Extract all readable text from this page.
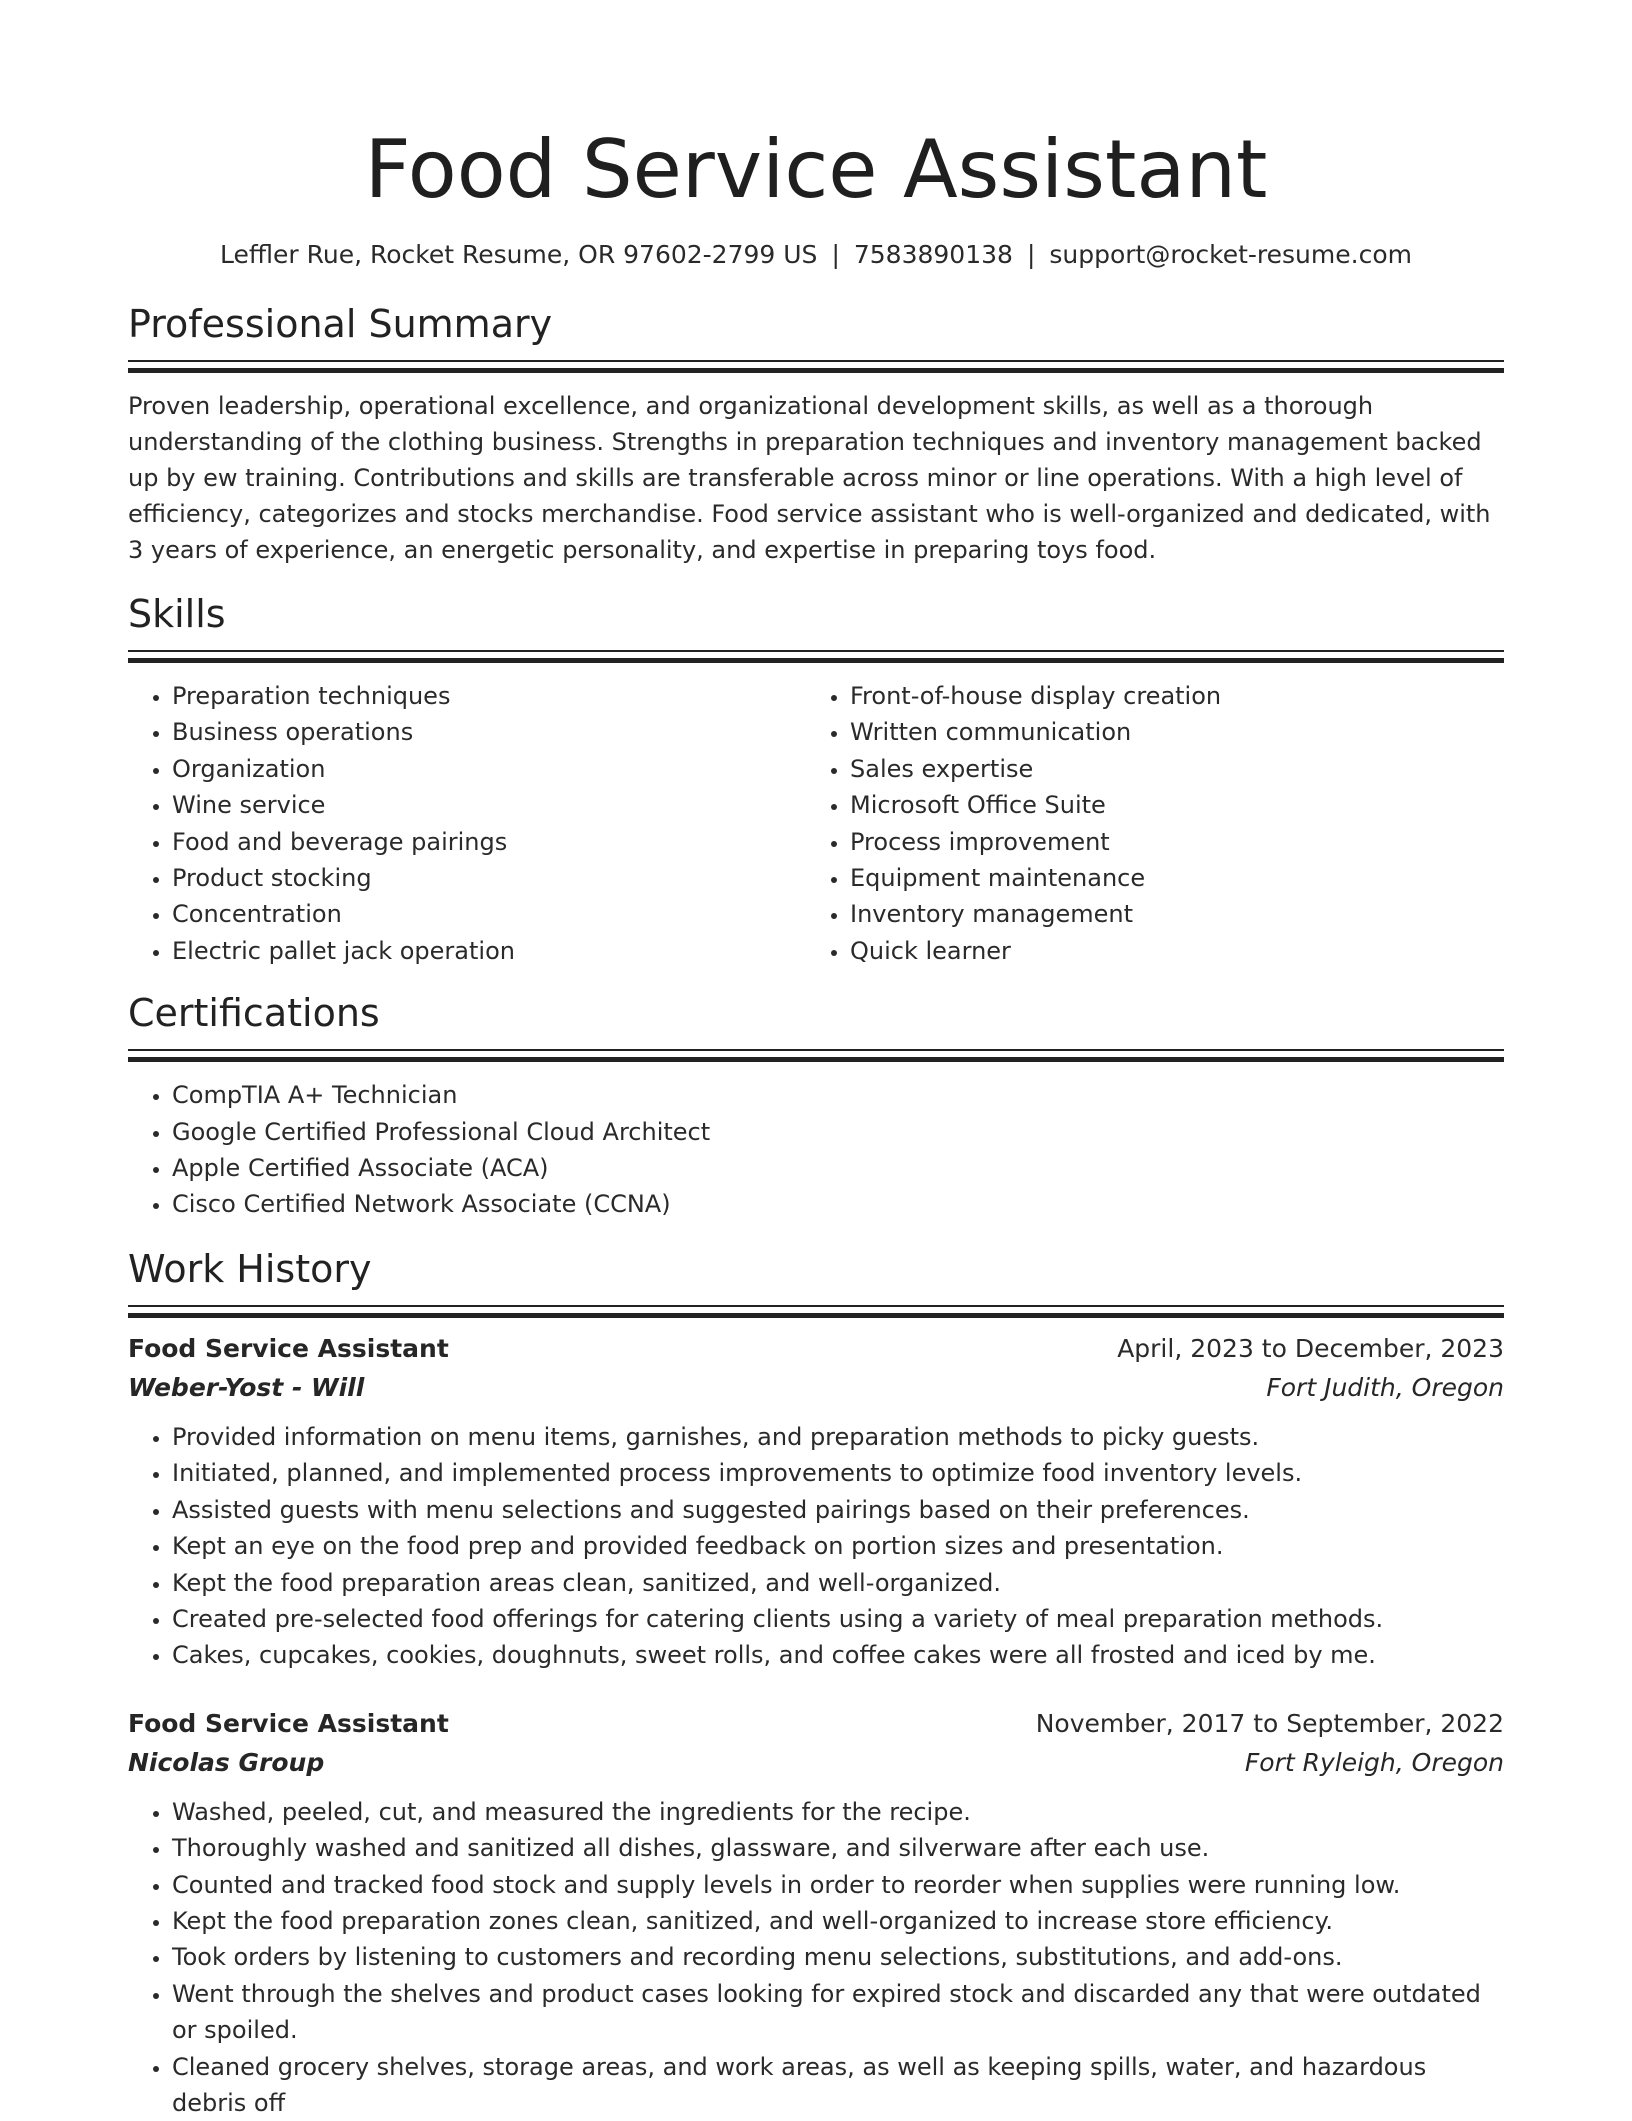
Food Service Assistant
Leffler Rue, Rocket Resume, OR 97602-2799 US | 7583890138 | support@rocket-resume.com
Professional Summary

Proven leadership, operational excellence, and organizational development skills, as well as a thorough understanding of the clothing business. Strengths in preparation techniques and inventory management backed up by ew training. Contributions and skills are transferable across minor or line operations. With a high level of efficiency, categorizes and stocks merchandise. Food service assistant who is well-organized and dedicated, with 3 years of experience, an energetic personality, and expertise in preparing toys food.

Skills
• Preparation techniques
• Business operations
• Organization
• Wine service
• Food and beverage pairings
• Product stocking
• Concentration
• Electric pallet jack operation
• Front-of-house display creation
• Written communication
• Sales expertise
• Microsoft Office Suite
• Process improvement
• Equipment maintenance
• Inventory management
• Quick learner
Certifications
• CompTIA A+ Technician
• Google Certified Professional Cloud Architect
• Apple Certified Associate (ACA)
• Cisco Certified Network Associate (CCNA)
Work History
Food Service Assistant	April, 2023 to December, 2023
Weber-Yost - Will	Fort Judith, Oregon
• Provided information on menu items, garnishes, and preparation methods to picky guests.
• Initiated, planned, and implemented process improvements to optimize food inventory levels.
• Assisted guests with menu selections and suggested pairings based on their preferences.
• Kept an eye on the food prep and provided feedback on portion sizes and presentation.
• Kept the food preparation areas clean, sanitized, and well-organized.
• Created pre-selected food offerings for catering clients using a variety of meal preparation methods.
• Cakes, cupcakes, cookies, doughnuts, sweet rolls, and coffee cakes were all frosted and iced by me.
Food Service Assistant	November, 2017 to September, 2022
Nicolas Group	Fort Ryleigh, Oregon
• Washed, peeled, cut, and measured the ingredients for the recipe.
• Thoroughly washed and sanitized all dishes, glassware, and silverware after each use.
• Counted and tracked food stock and supply levels in order to reorder when supplies were running low.
• Kept the food preparation zones clean, sanitized, and well-organized to increase store efficiency.
• Took orders by listening to customers and recording menu selections, substitutions, and add-ons.
• Went through the shelves and product cases looking for expired stock and discarded any that were outdated or spoiled.
• Cleaned grocery shelves, storage areas, and work areas, as well as keeping spills, water, and hazardous debris off
